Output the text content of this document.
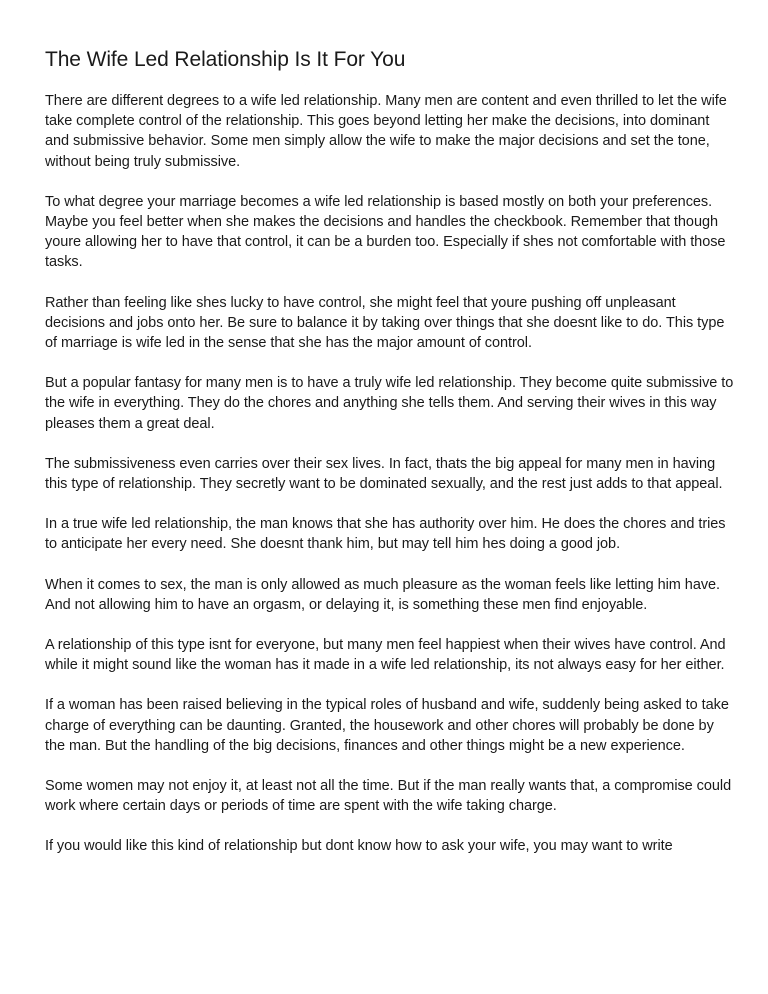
The Wife Led Relationship Is It For You

There are different degrees to a wife led relationship. Many men are content and even thrilled to let the wife take complete control of the relationship. This goes beyond letting her make the decisions, into dominant and submissive behavior. Some men simply allow the wife to make the major decisions and set the tone, without being truly submissive.

To what degree your marriage becomes a wife led relationship is based mostly on both your preferences. Maybe you feel better when she makes the decisions and handles the checkbook. Remember that though youre allowing her to have that control, it can be a burden too. Especially if shes not comfortable with those tasks.

Rather than feeling like shes lucky to have control, she might feel that youre pushing off unpleasant decisions and jobs onto her. Be sure to balance it by taking over things that she doesnt like to do. This type of marriage is wife led in the sense that she has the major amount of control.

But a popular fantasy for many men is to have a truly wife led relationship. They become quite submissive to the wife in everything. They do the chores and anything she tells them. And serving their wives in this way pleases them a great deal.

The submissiveness even carries over their sex lives. In fact, thats the big appeal for many men in having this type of relationship. They secretly want to be dominated sexually, and the rest just adds to that appeal.

In a true wife led relationship, the man knows that she has authority over him. He does the chores and tries to anticipate her every need. She doesnt thank him, but may tell him hes doing a good job.

When it comes to sex, the man is only allowed as much pleasure as the woman feels like letting him have. And not allowing him to have an orgasm, or delaying it, is something these men find enjoyable.

A relationship of this type isnt for everyone, but many men feel happiest when their wives have control. And while it might sound like the woman has it made in a wife led relationship, its not always easy for her either.

If a woman has been raised believing in the typical roles of husband and wife, suddenly being asked to take charge of everything can be daunting. Granted, the housework and other chores will probably be done by the man. But the handling of the big decisions, finances and other things might be a new experience.

Some women may not enjoy it, at least not all the time. But if the man really wants that, a compromise could work where certain days or periods of time are spent with the wife taking charge.

If you would like this kind of relationship but dont know how to ask your wife, you may want to write
